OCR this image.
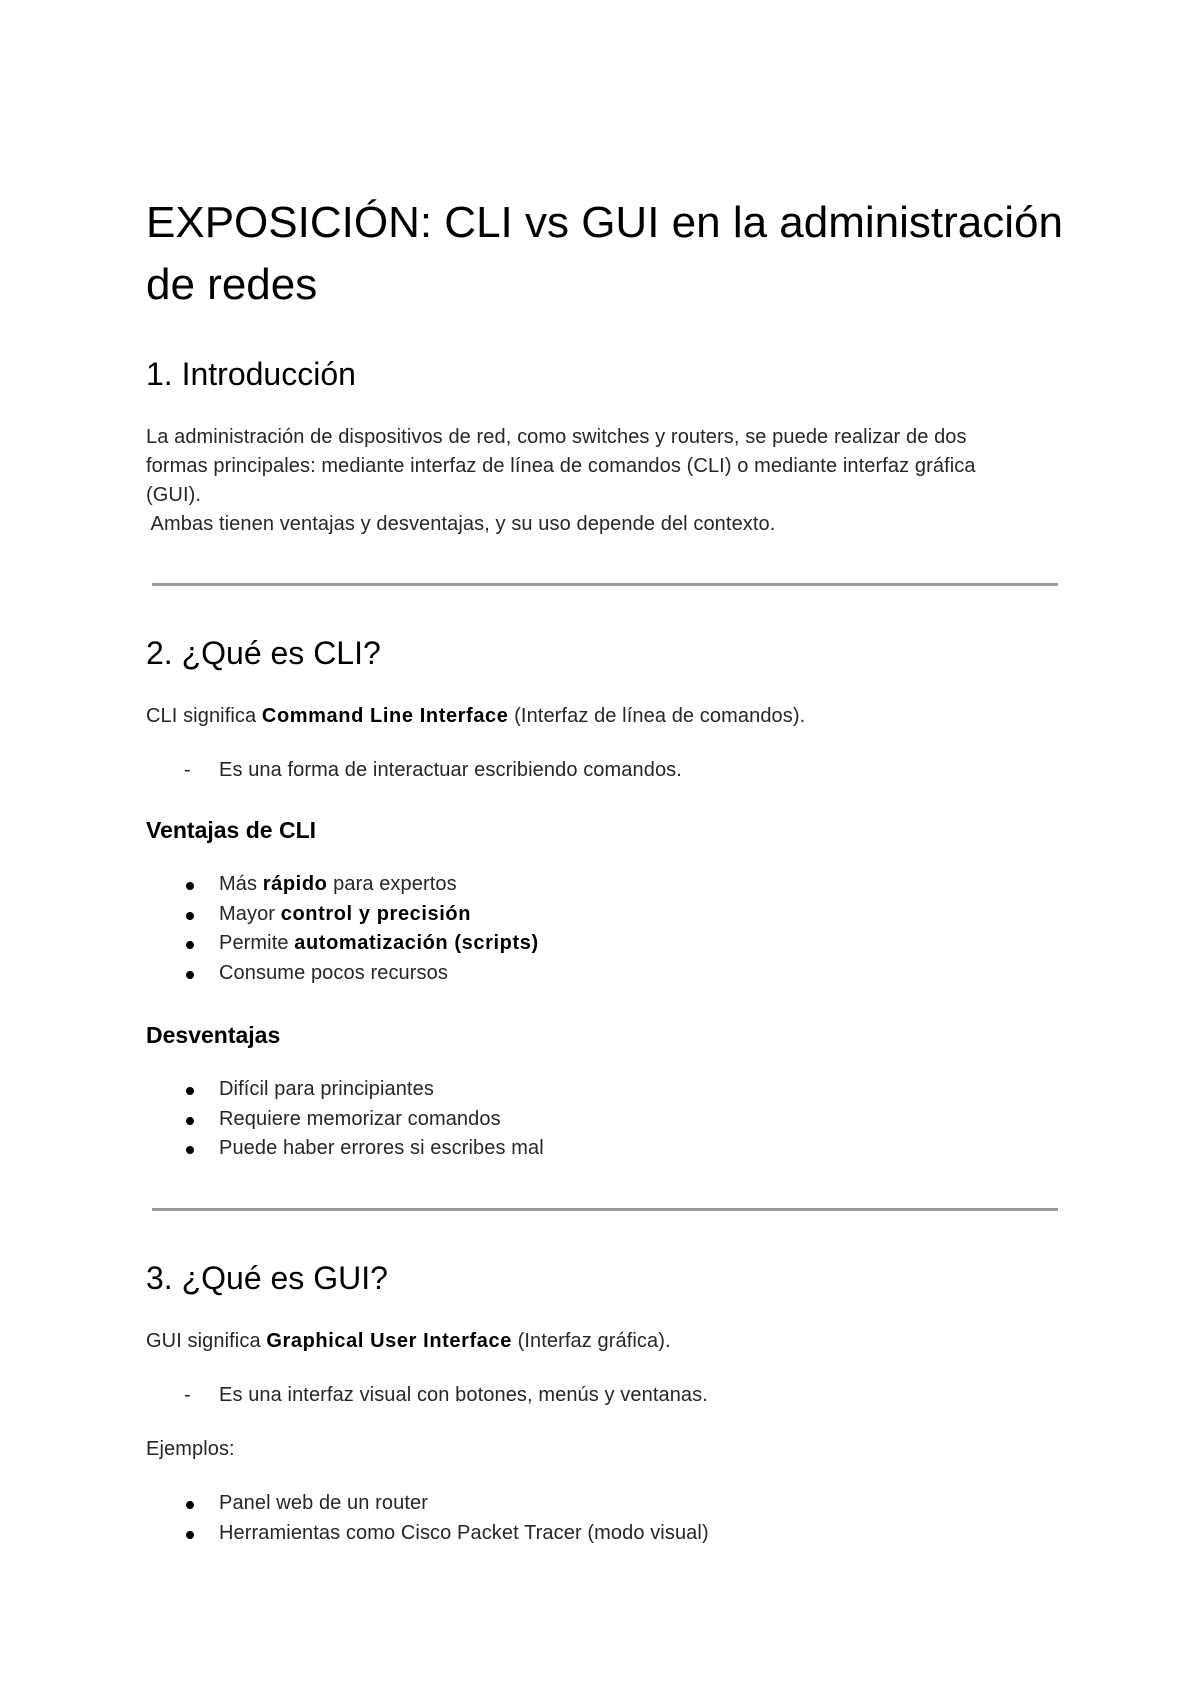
EXPOSICIÓN: CLI vs GUI en la administración de redes
1. Introducción
La administración de dispositivos de red, como switches y routers, se puede realizar de dos
formas principales: mediante interfaz de línea de comandos (CLI) o mediante interfaz gráfica
(GUI).
Ambas tienen ventajas y desventajas, y su uso depende del contexto.
2. ¿Qué es CLI?
CLI significa Command Line Interface (Interfaz de línea de comandos).
- Es una forma de interactuar escribiendo comandos.
Ventajas de CLI
Más rápido para expertos
Mayor control y precisión
Permite automatización (scripts)
Consume pocos recursos
Desventajas
Difícil para principiantes
Requiere memorizar comandos
Puede haber errores si escribes mal
3. ¿Qué es GUI?
GUI significa Graphical User Interface (Interfaz gráfica).
- Es una interfaz visual con botones, menús y ventanas.
Ejemplos:
Panel web de un router
Herramientas como Cisco Packet Tracer (modo visual)
